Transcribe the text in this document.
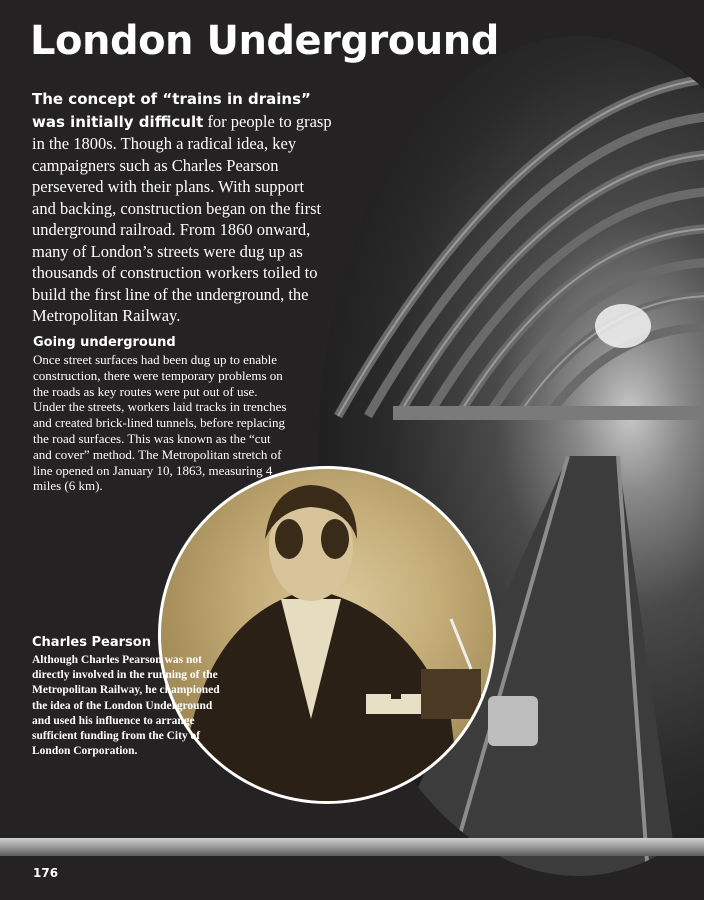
London Underground

The concept of “trains in drains” was initially difficult for people to grasp in the 1800s. Though a radical idea, key campaigners such as Charles Pearson persevered with their plans. With support and backing, construction began on the first underground railroad. From 1860 onward, many of London’s streets were dug up as thousands of construction workers toiled to build the first line of the underground, the Metropolitan Railway.

Going underground

Once street surfaces had been dug up to enable construction, there were temporary problems on the roads as key routes were put out of use. Under the streets, workers laid tracks in trenches and created brick-lined tunnels, before replacing the road surfaces. This was known as the “cut and cover” method. The Metropolitan stretch of line opened on January 10, 1863, measuring 4 miles (6 km).

Charles Pearson

Although Charles Pearson was not directly involved in the running of the Metropolitan Railway, he championed the idea of the London Underground and used his influence to arrange sufficient funding from the City of London Corporation.

176
